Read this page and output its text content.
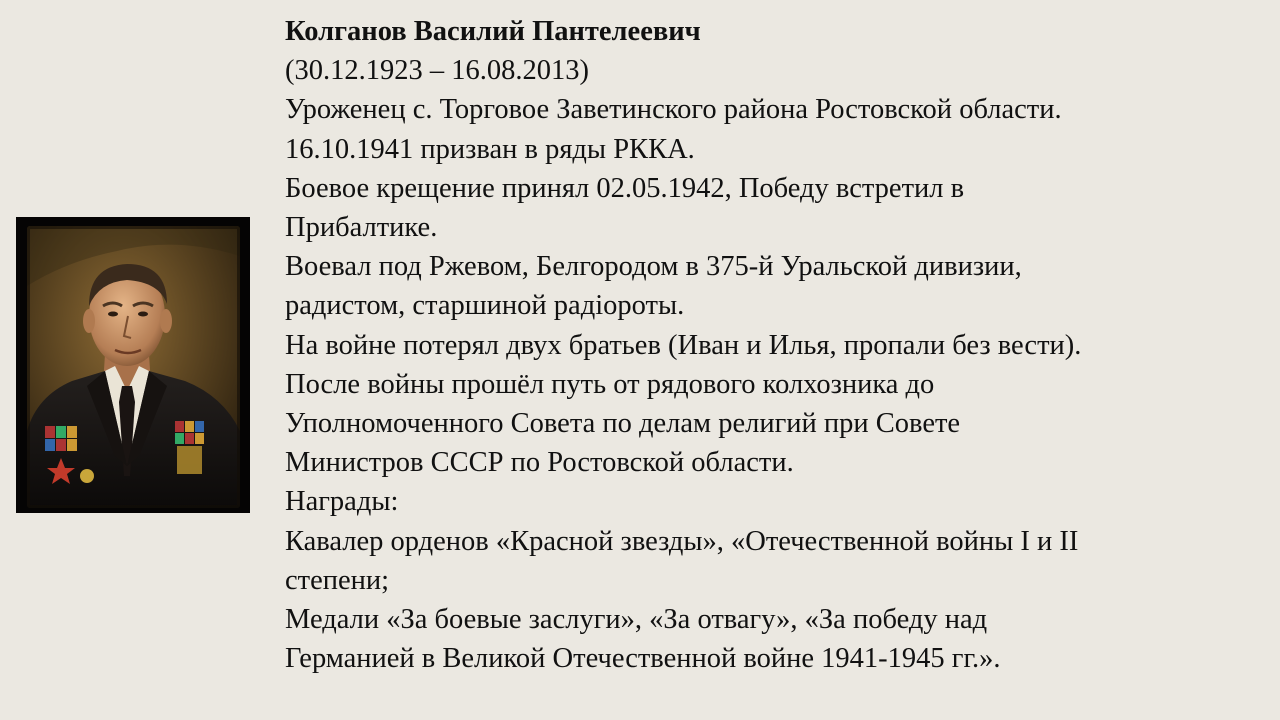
Колганов Василий Пантелеевич

(30.12.1923 – 16.08.2013)

Уроженец с. Торговое Заветинского района Ростовской области.

16.10.1941 призван в ряды РККА.

Боевое крещение принял 02.05.1942, Победу встретил в

Прибалтике.

Воевал под Ржевом, Белгородом в 375-й Уральской дивизии,

радистом, старшиной радioроты.

На войне потерял двух братьев (Иван и Илья, пропали без вести).

После войны прошёл путь от рядового колхозника до

Уполномоченного Совета по делам религий при Совете

Министров СССР по Ростовской области.

Награды:

Кавалер орденов «Красной звезды», «Отечественной войны I и II

степени;

Медали «За боевые заслуги», «За отвагу», «За победу над

Германией в Великой Отечественной войне 1941-1945 гг.».
